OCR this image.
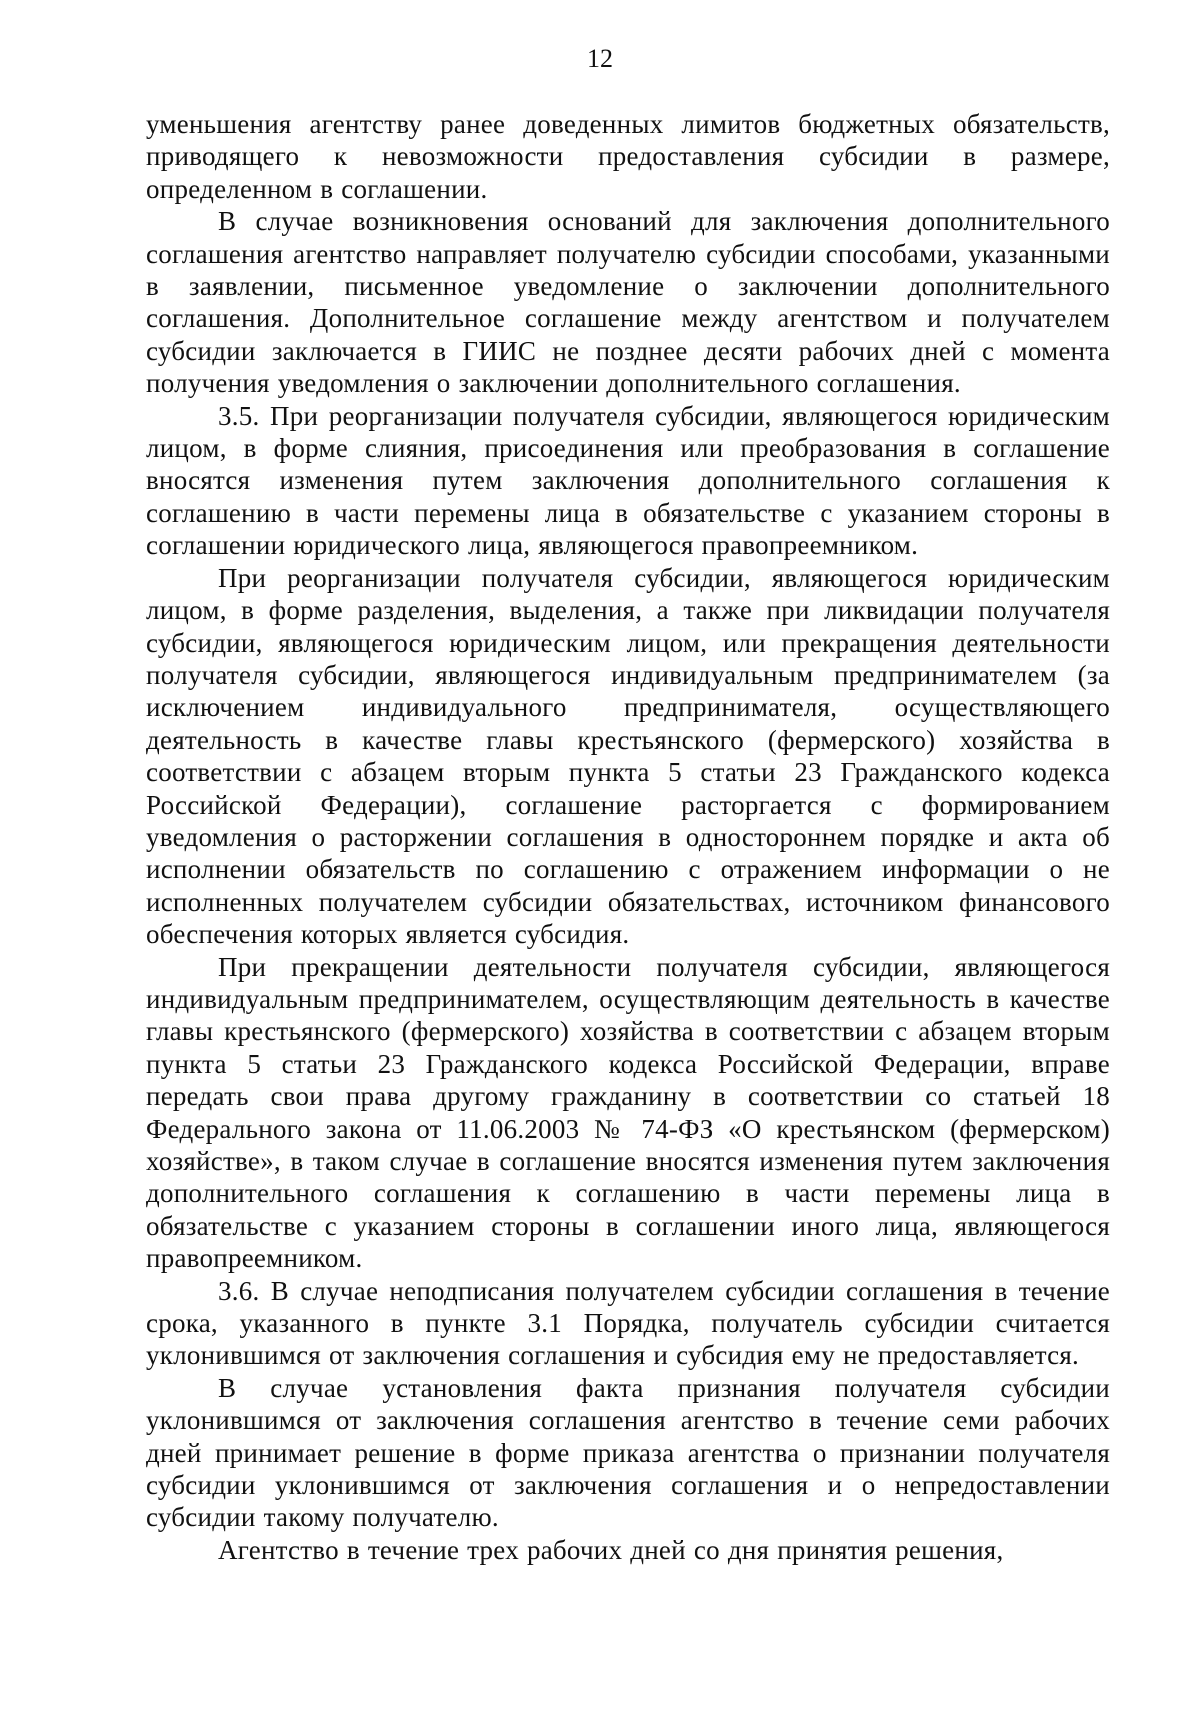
12

уменьшения агентству ранее доведенных лимитов бюджетных обязательств, приводящего к невозможности предоставления субсидии в размере, определенном в соглашении.

В случае возникновения оснований для заключения дополнительного соглашения агентство направляет получателю субсидии способами, указанными в заявлении, письменное уведомление о заключении дополнительного соглашения. Дополнительное соглашение между агентством и получателем субсидии заключается в ГИИС не позднее десяти рабочих дней с момента получения уведомления о заключении дополнительного соглашения.

3.5. При реорганизации получателя субсидии, являющегося юридическим лицом, в форме слияния, присоединения или преобразования в соглашение вносятся изменения путем заключения дополнительного соглашения к соглашению в части перемены лица в обязательстве с указанием стороны в соглашении юридического лица, являющегося правопреемником.

При реорганизации получателя субсидии, являющегося юридическим лицом, в форме разделения, выделения, а также при ликвидации получателя субсидии, являющегося юридическим лицом, или прекращения деятельности получателя субсидии, являющегося индивидуальным предпринимателем (за исключением индивидуального предпринимателя, осуществляющего деятельность в качестве главы крестьянского (фермерского) хозяйства в соответствии с абзацем вторым пункта 5 статьи 23 Гражданского кодекса Российской Федерации), соглашение расторгается с формированием уведомления о расторжении соглашения в одностороннем порядке и акта об исполнении обязательств по соглашению с отражением информации о не исполненных получателем субсидии обязательствах, источником финансового обеспечения которых является субсидия.

При прекращении деятельности получателя субсидии, являющегося индивидуальным предпринимателем, осуществляющим деятельность в качестве главы крестьянского (фермерского) хозяйства в соответствии с абзацем вторым пункта 5 статьи 23 Гражданского кодекса Российской Федерации, вправе передать свои права другому гражданину в соответствии со статьей 18 Федерального закона от 11.06.2003 № 74-ФЗ «О крестьянском (фермерском) хозяйстве», в таком случае в соглашение вносятся изменения путем заключения дополнительного соглашения к соглашению в части перемены лица в обязательстве с указанием стороны в соглашении иного лица, являющегося правопреемником.

3.6. В случае неподписания получателем субсидии соглашения в течение срока, указанного в пункте 3.1 Порядка, получатель субсидии считается уклонившимся от заключения соглашения и субсидия ему не предоставляется.

В случае установления факта признания получателя субсидии уклонившимся от заключения соглашения агентство в течение семи рабочих дней принимает решение в форме приказа агентства о признании получателя субсидии уклонившимся от заключения соглашения и о непредоставлении субсидии такому получателю.

Агентство в течение трех рабочих дней со дня принятия решения,
